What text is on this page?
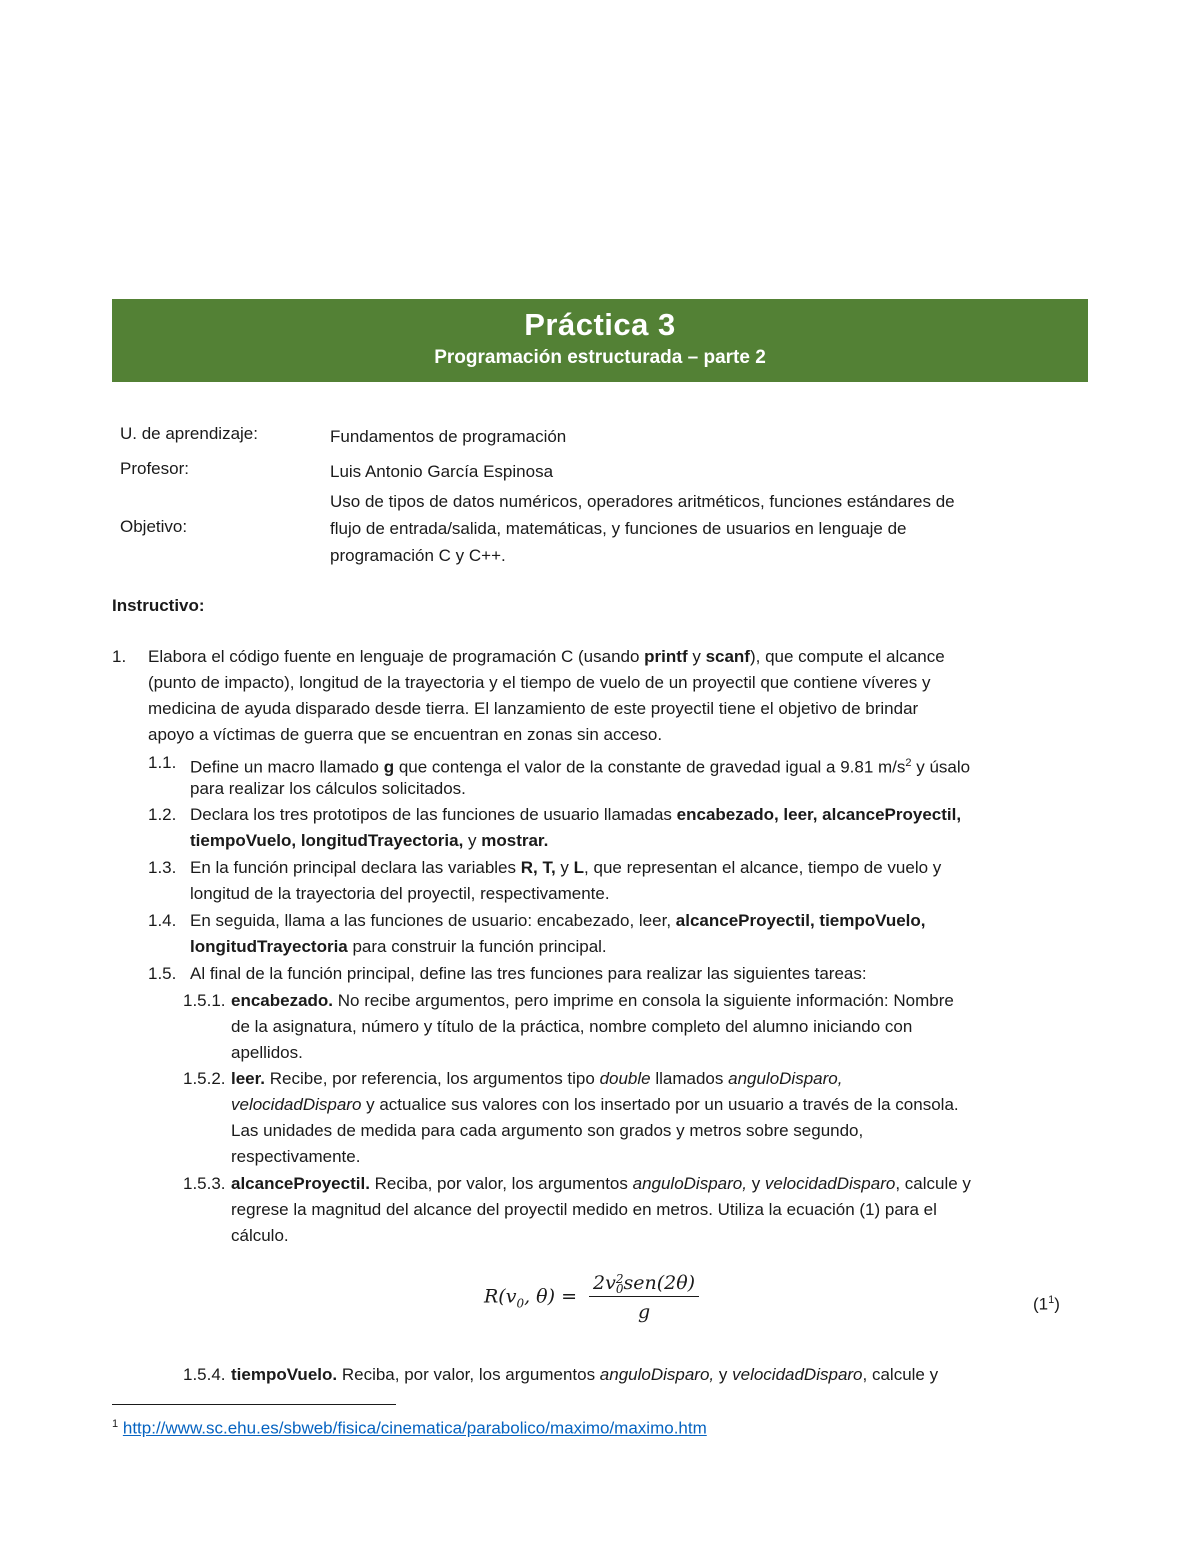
Práctica 3
Programación estructurada – parte 2
U. de aprendizaje:	Fundamentos de programación
Profesor:	Luis Antonio García Espinosa
Objetivo:
Uso de tipos de datos numéricos, operadores aritméticos, funciones estándares de
flujo de entrada/salida, matemáticas, y funciones de usuarios en lenguaje de
programación C y C++.
Instructivo:
1. Elabora el código fuente en lenguaje de programación C (usando printf y scanf), que compute el alcance
(punto de impacto), longitud de la trayectoria y el tiempo de vuelo de un proyectil que contiene víveres y
medicina de ayuda disparado desde tierra. El lanzamiento de este proyectil tiene el objetivo de brindar
apoyo a víctimas de guerra que se encuentran en zonas sin acceso.
1.1. Define un macro llamado g que contenga el valor de la constante de gravedad igual a 9.81 $m/s^2$ y úsalo
para realizar los cálculos solicitados.
1.2. Declara los tres prototipos de las funciones de usuario llamadas encabezado, leer, alcanceProyectil,
tiempoVuelo, longitudTrayectoria, y mostrar.
1.3. En la función principal declara las variables R, T, y L, que representan el alcance, tiempo de vuelo y
longitud de la trayectoria del proyectil, respectivamente.
1.4. En seguida, llama a las funciones de usuario: encabezado, leer, alcanceProyectil, tiempoVuelo,
longitudTrayectoria para construir la función principal.
1.5. Al final de la función principal, define las tres funciones para realizar las siguientes tareas:
1.5.1. encabezado. No recibe argumentos, pero imprime en consola la siguiente información: Nombre
de la asignatura, número y título de la práctica, nombre completo del alumno iniciando con
apellidos.
1.5.2. leer. Recibe, por referencia, los argumentos tipo double llamados anguloDisparo,
velocidadDisparo y actualice sus valores con los insertado por un usuario a través de la consola.
Las unidades de medida para cada argumento son grados y metros sobre segundo,
respectivamente.
1.5.3. alcanceProyectil. Reciba, por valor, los argumentos anguloDisparo, y velocidadDisparo, calcule y
regrese la magnitud del alcance del proyectil medido en metros. Utiliza la ecuación (1) para el
cálculo.
$R(v_0$, θ) = 2v 2
0 sen(2θ)
g	$(1^1)$
1.5.4. tiempoVuelo. Reciba, por valor, los argumentos anguloDisparo, y velocidadDisparo, calcule y
$^1$ http://www.sc.ehu.es/sbweb/fisica/cinematica/parabolico/maximo/maximo.htm
